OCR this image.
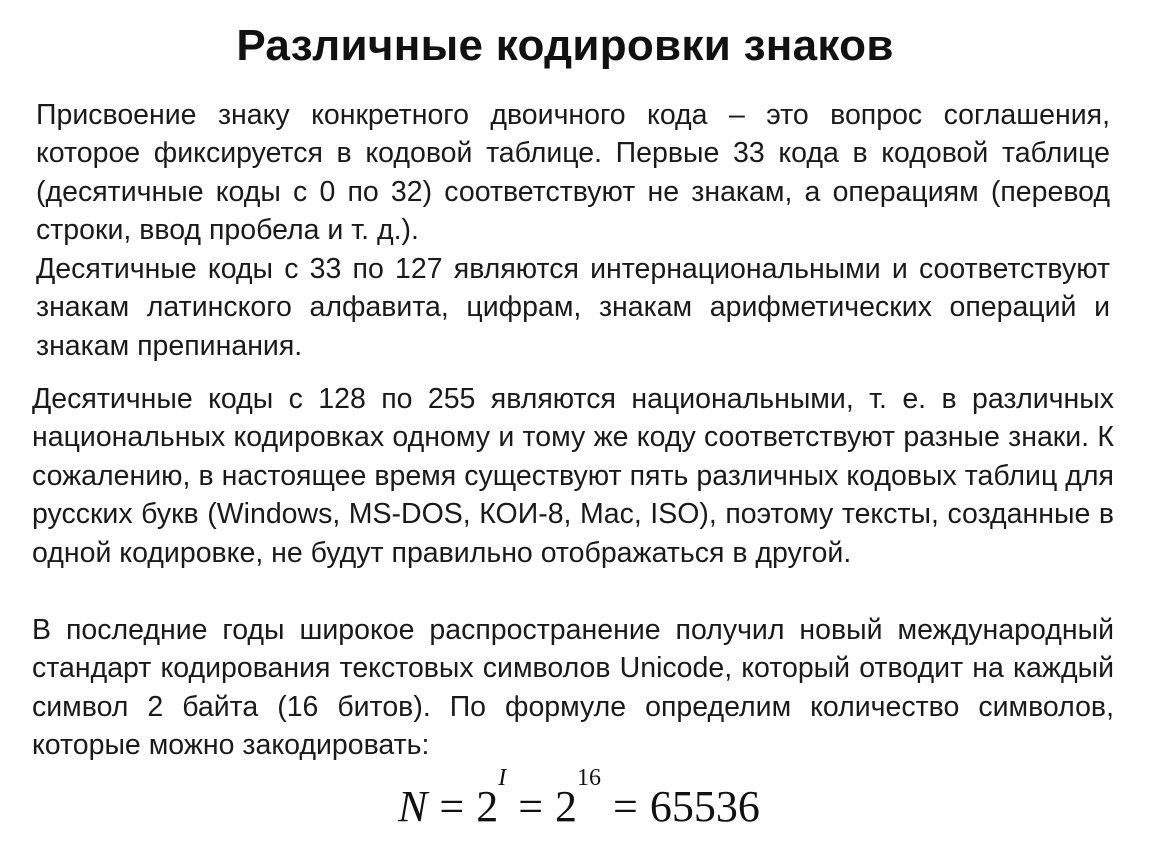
Различные кодировки знаков

Присвоение знаку конкретного двоичного кода – это вопрос соглашения, которое фиксируется в кодовой таблице. Первые 33 кода в кодовой таблице (десятичные коды с 0 по 32) соответствуют не знакам, а операциям (перевод строки, ввод пробела и т. д.).

Десятичные коды с 33 по 127 являются интернациональными и соответствуют знакам латинского алфавита, цифрам, знакам арифметических операций и знакам препинания.

Десятичные коды с 128 по 255 являются национальными, т. е. в различных национальных кодировках одному и тому же коду соответствуют разные знаки. К сожалению, в настоящее время существуют пять различных кодовых таблиц для русских букв (Windows, MS-DOS, КОИ-8, Mac, ISO), поэтому тексты, созданные в одной кодировке, не будут правильно отображаться в другой.

В последние годы широкое распространение получил новый международный стандарт кодирования текстовых символов Unicode, который отводит на каждый символ 2 байта (16 битов). По формуле определим количество символов, которые можно закодировать:

$N = 2^I= 2^{16}= 65536$
